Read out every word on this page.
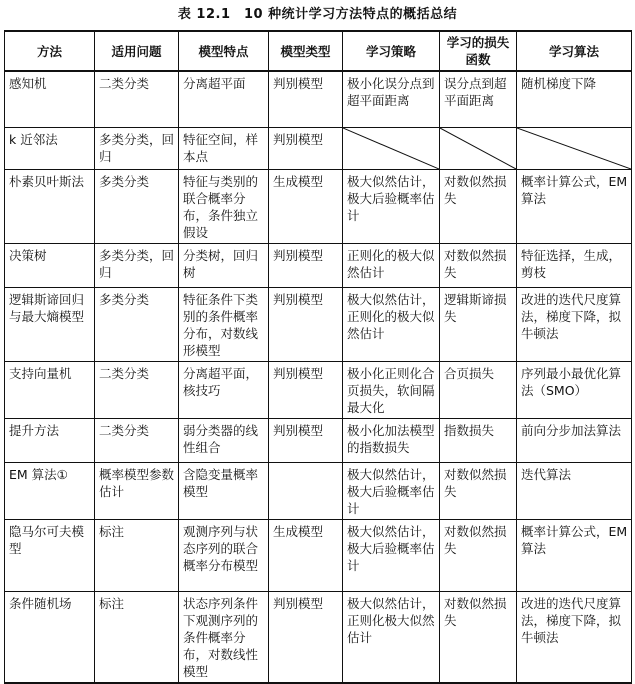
表 12.1　10 种统计学习方法特点的概括总结
方法	适用问题	模型特点	模型类型	学习策略	学习的损失函数	学习算法
感知机	二类分类	分离超平面	判别模型	极小化误分点到超平面距离	误分点到超平面距离	随机梯度下降
k 近邻法	多类分类，回归	特征空间，样本点	判别模型	

朴素贝叶斯法	多类分类	特征与类别的联合概率分布，条件独立假设	生成模型	极大似然估计，极大后验概率估计	对数似然损失	概率计算公式，EM 算法
决策树	多类分类，回归	分类树，回归树	判别模型	正则化的极大似然估计	对数似然损失	特征选择，生成，剪枝
逻辑斯谛回归与最大熵模型	多类分类	特征条件下类别的条件概率分布，对数线形模型	判别模型	极大似然估计，正则化的极大似然估计	逻辑斯谛损失	改进的迭代尺度算法，梯度下降，拟牛顿法
支持向量机	二类分类	分离超平面，核技巧	判别模型	极小化正则化合页损失，软间隔最大化	合页损失	序列最小最优化算法（SMO）
提升方法	二类分类	弱分类器的线性组合	判别模型	极小化加法模型的指数损失	指数损失	前向分步加法算法
EM 算法①	概率模型参数估计	含隐变量概率模型		极大似然估计，极大后验概率估计	对数似然损失	迭代算法
隐马尔可夫模型	标注	观测序列与状态序列的联合概率分布模型	生成模型	极大似然估计，极大后验概率估计	对数似然损失	概率计算公式，EM 算法
条件随机场	标注	状态序列条件下观测序列的条件概率分布，对数线性模型	判别模型	极大似然估计，正则化极大似然估计	对数似然损失	改进的迭代尺度算法，梯度下降，拟牛顿法
